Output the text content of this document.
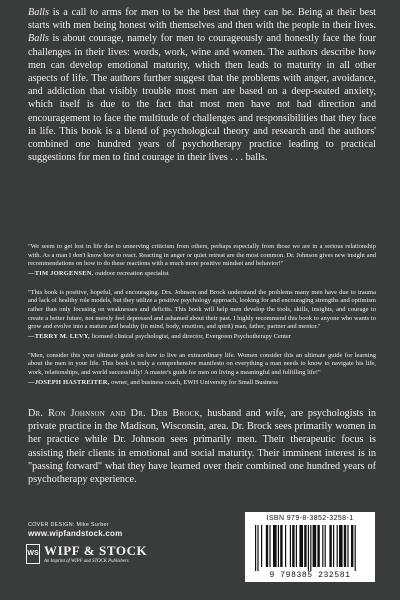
Balls is a call to arms for men to be the best that they can be. Being at their best starts with men being honest with themselves and then with the people in their lives. Balls is about courage, namely for men to courageously and honestly face the four challenges in their lives: words, work, wine and women. The authors describe how men can develop emotional maturity, which then leads to maturity in all other aspects of life. The authors further suggest that the problems with anger, avoidance, and addiction that visibly trouble most men are based on a deep-seated anxiety, which itself is due to the fact that most men have not had direction and encouragement to face the multitude of challenges and responsibilities that they face in life. This book is a blend of psychological theory and research and the authors' combined one hundred years of psychotherapy practice leading to practical suggestions for men to find courage in their lives . . . balls.

"We seem to get lost in life due to unnerving criticism from others, perhaps especially from those we are in a serious relationship with. As a man I don't know how to react. Reacting in anger or quiet retreat are the most common. Dr. Johnson gives new insight and recommendations on how to do these reactions with a much more positive mindset and behavior!"
—TIM JORGENSEN, outdoor recreation specialist
"This book is positive, hopeful, and encouraging. Drs. Johnson and Brock understand the problems many men have due to trauma and lack of healthy role models, but they utilize a positive psychology approach, looking for and encouraging strengths and optimism rather than only focusing on weaknesses and deficits. This book will help men develop the tools, skills, insights, and courage to create a better future, not merely feel depressed and ashamed about their past. I highly recommend this book to anyone who wants to grow and evolve into a mature and healthy (in mind, body, emotion, and spirit) man, father, partner and mentor."
—TERRY M. LEVY, licensed clinical psychologist, and director, Evergreen Psychotherapy Center
"Men, consider this your ultimate guide on how to live an extraordinary life. Women consider this an ultimate guide for learning about the men in your life. This book is truly a comprehensive manifesto on everything a man needs to know to navigate his life, work, relationships, and world successfully! A master's guide for men on living a meaningful and fulfilling life!"
—JOSEPH HASTREITER, owner, and business coach, EWH University for Small Business

Dr. Ron Johnson and Dr. Deb Brock, husband and wife, are psychologists in private practice in the Madison, Wisconsin, area. Dr. Brock sees primarily women in her practice while Dr. Johnson sees primarily men. Their therapeutic focus is assisting their clients in emotional and social maturity. Their imminent interest is in "passing forward" what they have learned over their combined one hundred years of psychotherapy experience.

COVER DESIGN: Mike Surber
www.wipfandstock.com
WS WIPF & STOCK
An Imprint of WIPF and STOCK Publishers
ISBN 979-8-3852-3258-1
9 798385 232581
